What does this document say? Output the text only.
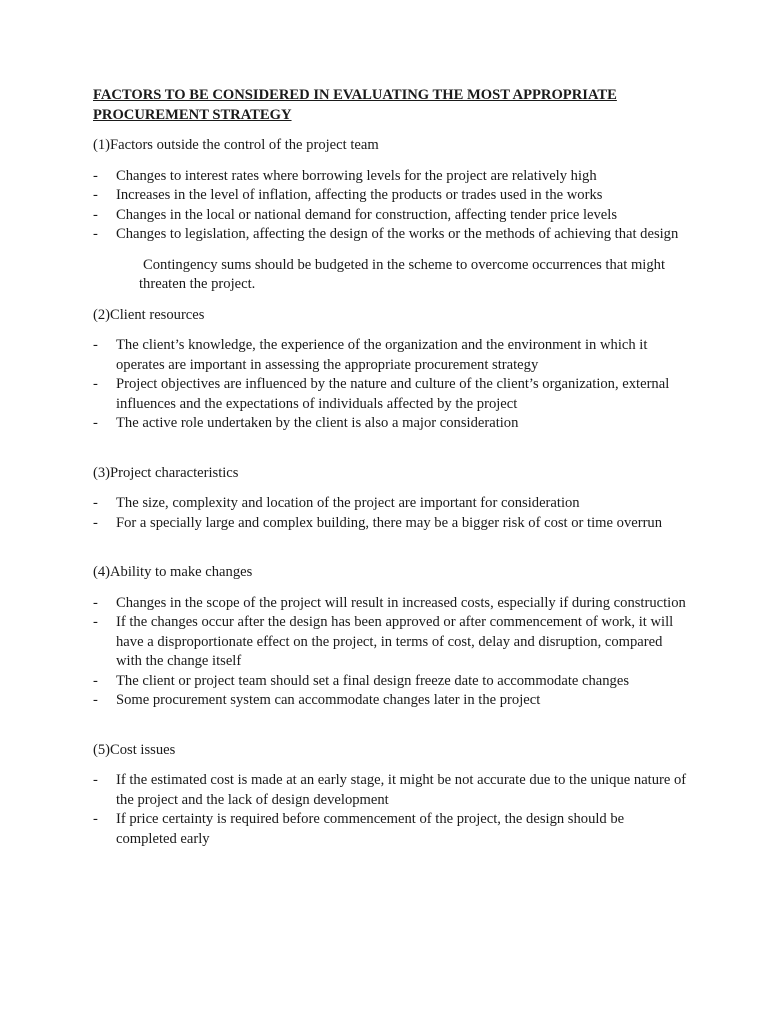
FACTORS TO BE CONSIDERED IN EVALUATING THE MOST APPROPRIATE PROCUREMENT STRATEGY

(1)Factors outside the control of the project team

- Changes to interest rates where borrowing levels for the project are relatively high
- Increases in the level of inflation, affecting the products or trades used in the works
- Changes in the local or national demand for construction, affecting tender price levels
- Changes to legislation, affecting the design of the works or the methods of achieving that design

Contingency sums should be budgeted in the scheme to overcome occurrences that might threaten the project.

(2)Client resources

- The client’s knowledge, the experience of the organization and the environment in which it operates are important in assessing the appropriate procurement strategy
- Project objectives are influenced by the nature and culture of the client’s organization, external influences and the expectations of individuals affected by the project
- The active role undertaken by the client is also a major consideration

(3)Project characteristics

- The size, complexity and location of the project are important for consideration
- For a specially large and complex building, there may be a bigger risk of cost or time overrun

(4)Ability to make changes

- Changes in the scope of the project will result in increased costs, especially if during construction
- If the changes occur after the design has been approved or after commencement of work, it will have a disproportionate effect on the project, in terms of cost, delay and disruption, compared with the change itself
- The client or project team should set a final design freeze date to accommodate changes
- Some procurement system can accommodate changes later in the project

(5)Cost issues

- If the estimated cost is made at an early stage, it might be not accurate due to the unique nature of the project and the lack of design development
- If price certainty is required before commencement of the project, the design should be completed early
